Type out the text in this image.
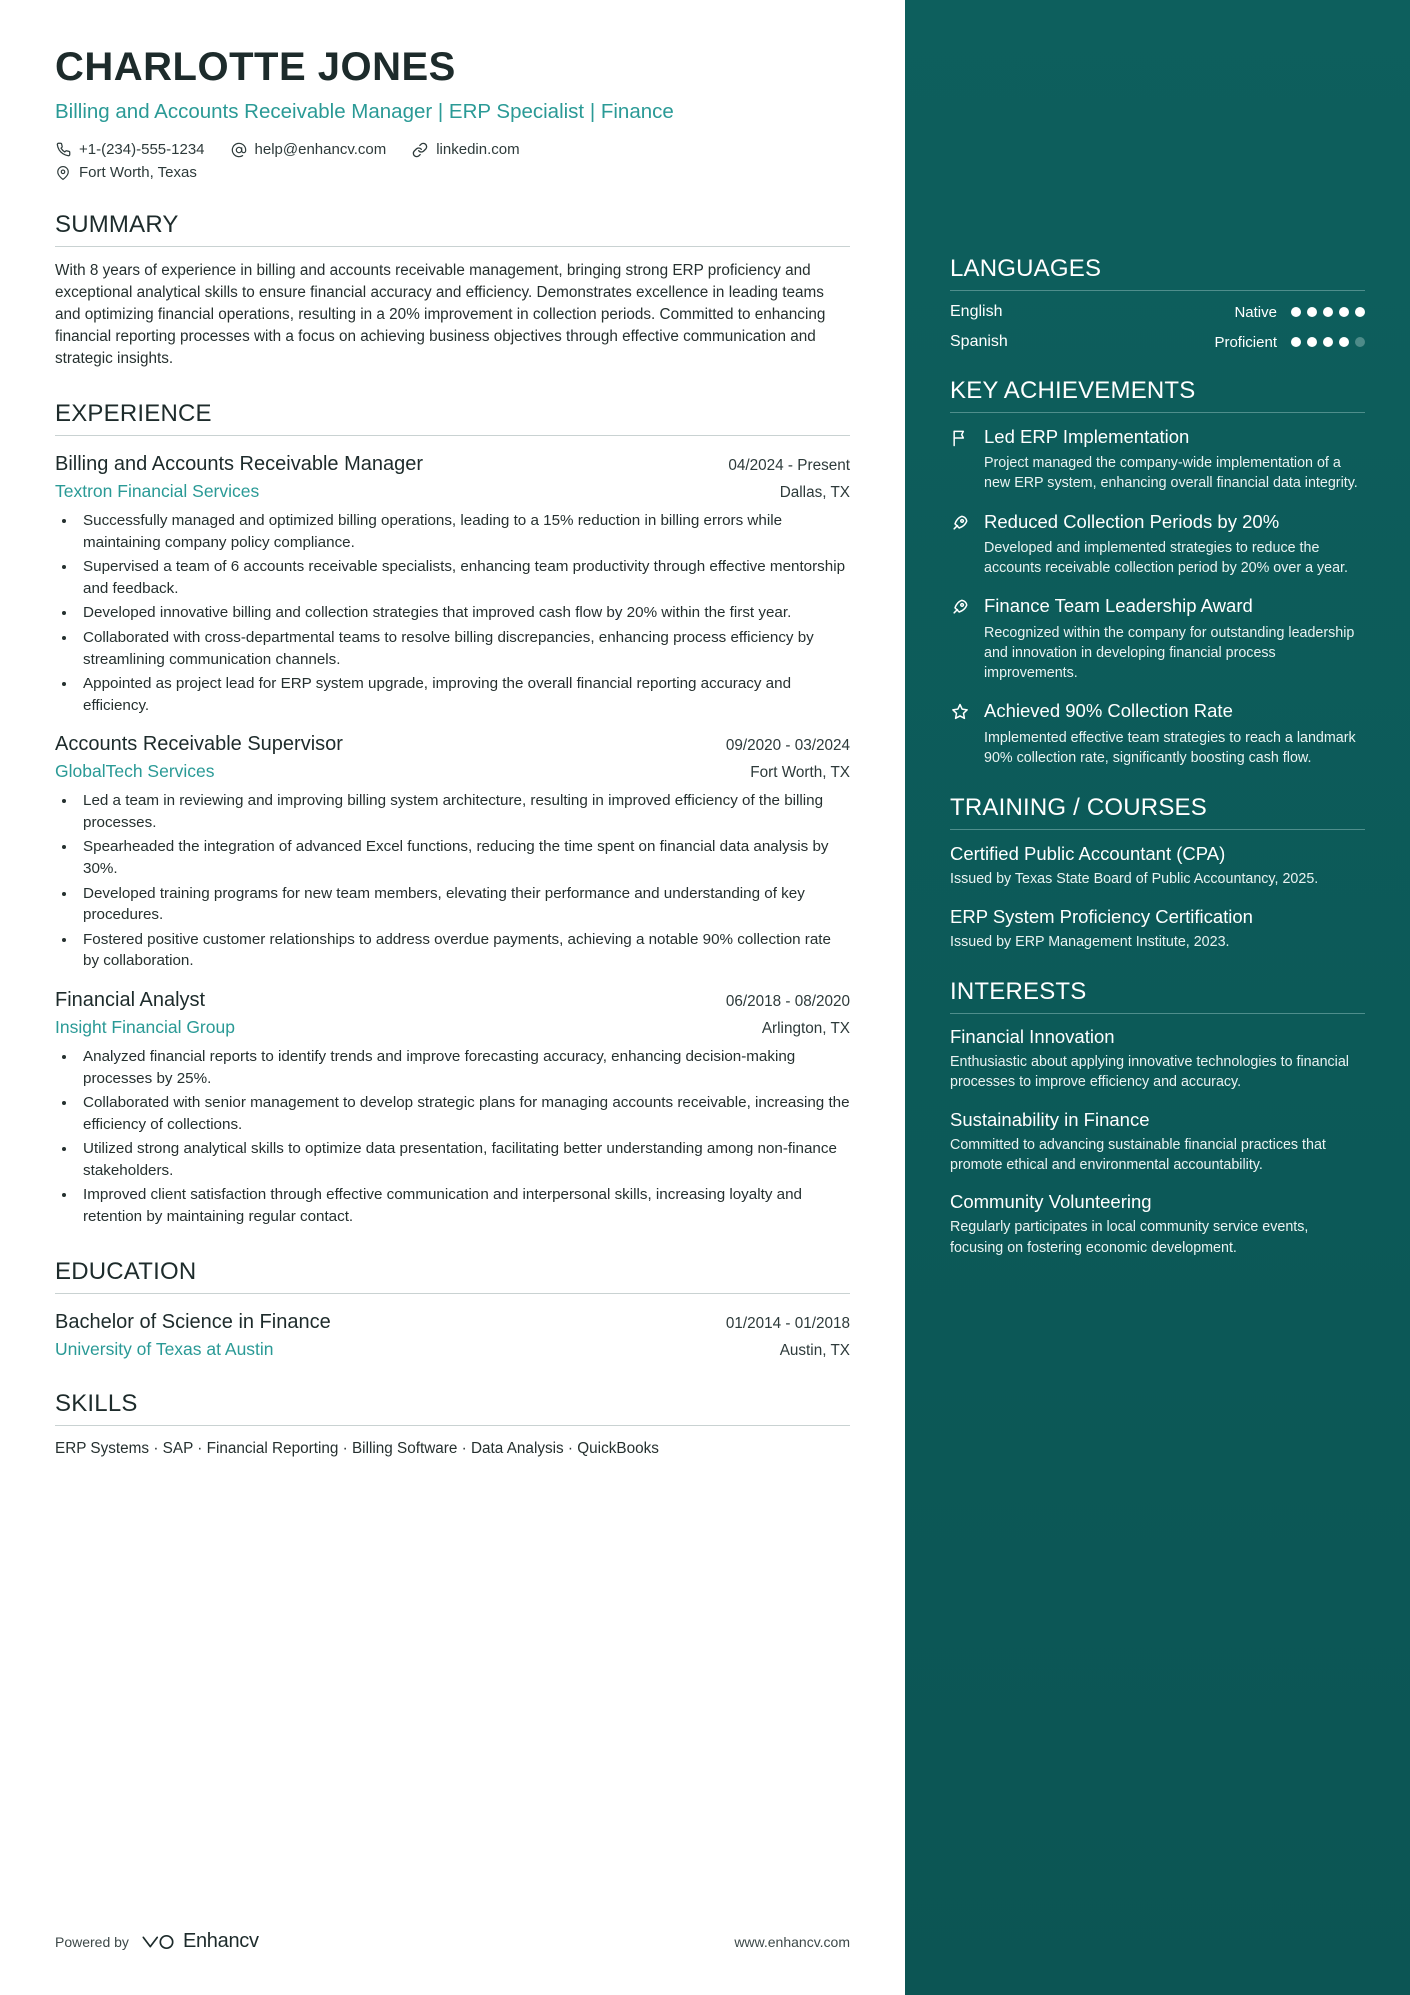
CHARLOTTE JONES
Billing and Accounts Receivable Manager | ERP Specialist | Finance
+1-(234)-555-1234	help@enhancv.com	linkedin.com
Fort Worth, Texas
SUMMARY
With 8 years of experience in billing and accounts receivable management, bringing strong ERP proficiency and exceptional analytical skills to ensure financial accuracy and efficiency. Demonstrates excellence in leading teams and optimizing financial operations, resulting in a 20% improvement in collection periods. Committed to enhancing financial reporting processes with a focus on achieving business objectives through effective communication and strategic insights.
EXPERIENCE
Billing and Accounts Receivable Manager	04/2024 - Present
Textron Financial Services	Dallas, TX
• Successfully managed and optimized billing operations, leading to a 15% reduction in billing errors while maintaining company policy compliance.
• Supervised a team of 6 accounts receivable specialists, enhancing team productivity through effective mentorship and feedback.
• Developed innovative billing and collection strategies that improved cash flow by 20% within the first year.
• Collaborated with cross-departmental teams to resolve billing discrepancies, enhancing process efficiency by streamlining communication channels.
• Appointed as project lead for ERP system upgrade, improving the overall financial reporting accuracy and efficiency.
Accounts Receivable Supervisor	09/2020 - 03/2024
GlobalTech Services	Fort Worth, TX
• Led a team in reviewing and improving billing system architecture, resulting in improved efficiency of the billing processes.
• Spearheaded the integration of advanced Excel functions, reducing the time spent on financial data analysis by 30%.
• Developed training programs for new team members, elevating their performance and understanding of key procedures.
• Fostered positive customer relationships to address overdue payments, achieving a notable 90% collection rate by collaboration.
Financial Analyst	06/2018 - 08/2020
Insight Financial Group	Arlington, TX
• Analyzed financial reports to identify trends and improve forecasting accuracy, enhancing decision-making processes by 25%.
• Collaborated with senior management to develop strategic plans for managing accounts receivable, increasing the efficiency of collections.
• Utilized strong analytical skills to optimize data presentation, facilitating better understanding among non-finance stakeholders.
• Improved client satisfaction through effective communication and interpersonal skills, increasing loyalty and retention by maintaining regular contact.
EDUCATION
Bachelor of Science in Finance	01/2014 - 01/2018
University of Texas at Austin	Austin, TX
SKILLS
ERP Systems · SAP · Financial Reporting · Billing Software · Data Analysis · QuickBooks
Powered by	Enhancv	www.enhancv.com
LANGUAGES
English	Native
Spanish	Proficient
KEY ACHIEVEMENTS
Led ERP Implementation
Project managed the company-wide implementation of a new ERP system, enhancing overall financial data integrity.
Reduced Collection Periods by 20%
Developed and implemented strategies to reduce the accounts receivable collection period by 20% over a year.
Finance Team Leadership Award
Recognized within the company for outstanding leadership and innovation in developing financial process improvements.
Achieved 90% Collection Rate
Implemented effective team strategies to reach a landmark 90% collection rate, significantly boosting cash flow.
TRAINING / COURSES
Certified Public Accountant (CPA)
Issued by Texas State Board of Public Accountancy, 2025.
ERP System Proficiency Certification
Issued by ERP Management Institute, 2023.
INTERESTS
Financial Innovation
Enthusiastic about applying innovative technologies to financial processes to improve efficiency and accuracy.
Sustainability in Finance
Committed to advancing sustainable financial practices that promote ethical and environmental accountability.
Community Volunteering
Regularly participates in local community service events, focusing on fostering economic development.
